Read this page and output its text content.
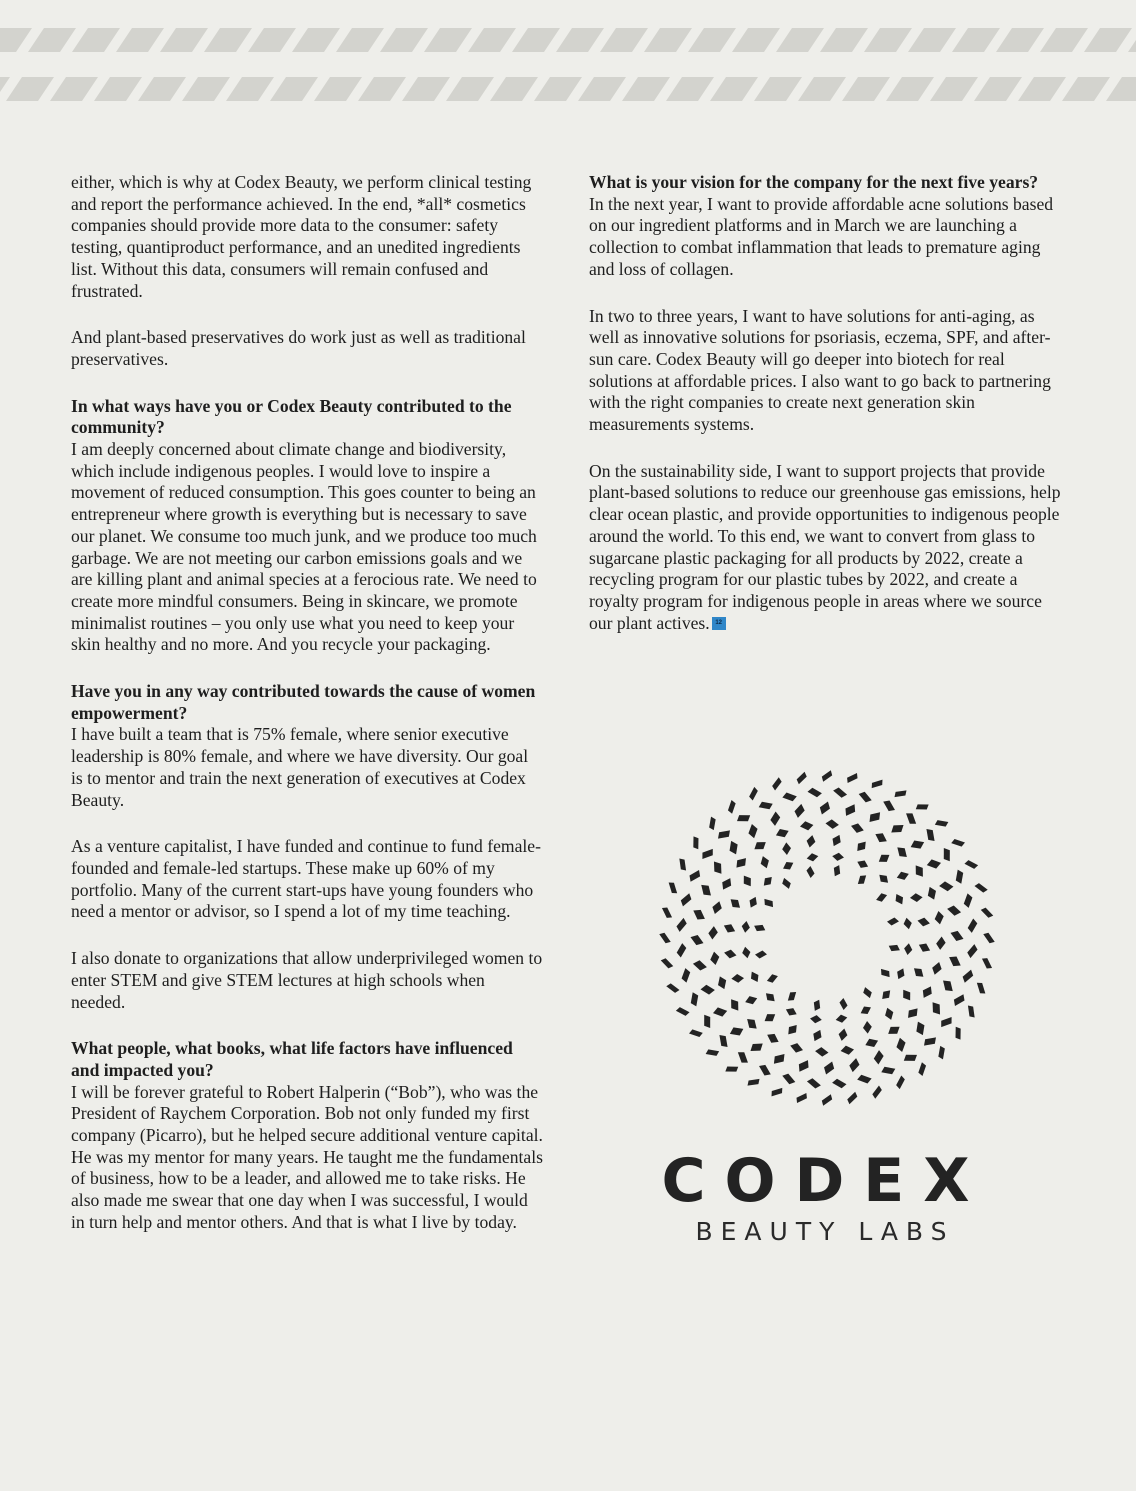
either, which is why at Codex Beauty, we perform clinical testing and report the performance achieved. In the end, *all* cosmetics companies should provide more data to the consumer: safety testing, quantiproduct performance, and an unedited ingredients list. Without this data, consumers will remain confused and frustrated.

And plant-based preservatives do work just as well as traditional preservatives.

In what ways have you or Codex Beauty contributed to the community?

I am deeply concerned about climate change and biodiversity, which include indigenous peoples. I would love to inspire a movement of reduced consumption. This goes counter to being an entrepreneur where growth is everything but is necessary to save our planet. We consume too much junk, and we produce too much garbage. We are not meeting our carbon emissions goals and we are killing plant and animal species at a ferocious rate. We need to create more mindful consumers. Being in skincare, we promote minimalist routines – you only use what you need to keep your skin healthy and no more. And you recycle your packaging.

Have you in any way contributed towards the cause of women empowerment?

I have built a team that is 75% female, where senior executive leadership is 80% female, and where we have diversity. Our goal is to mentor and train the next generation of executives at Codex Beauty.

As a venture capitalist, I have funded and continue to fund female-founded and female-led startups. These make up 60% of my portfolio. Many of the current start-ups have young founders who need a mentor or advisor, so I spend a lot of my time teaching.

I also donate to organizations that allow underprivileged women to enter STEM and give STEM lectures at high schools when needed.

What people, what books, what life factors have influenced and impacted you?

I will be forever grateful to Robert Halperin (“Bob”), who was the President of Raychem Corporation. Bob not only funded my first company (Picarro), but he helped secure additional venture capital. He was my mentor for many years. He taught me the fundamentals of business, how to be a leader, and allowed me to take risks. He also made me swear that one day when I was successful, I would in turn help and mentor others. And that is what I live by today.

What is your vision for the company for the next five years?

In the next year, I want to provide affordable acne solutions based on our ingredient platforms and in March we are launching a collection to combat inflammation that leads to premature aging and loss of collagen.

In two to three years, I want to have solutions for anti-aging, as well as innovative solutions for psoriasis, eczema, SPF, and after-sun care. Codex Beauty will go deeper into biotech for real solutions at affordable prices. I also want to go back to partnering with the right companies to create next generation skin measurements systems.

On the sustainability side, I want to support projects that provide plant-based solutions to reduce our greenhouse gas emissions, help clear ocean plastic, and provide opportunities to indigenous people around the world. To this end, we want to convert from glass to sugarcane plastic packaging for all products by 2022, create a recycling program for our plastic tubes by 2022, and create a royalty program for indigenous people in areas where we source our plant actives. 12

CODEX
BEAUTY LABS
